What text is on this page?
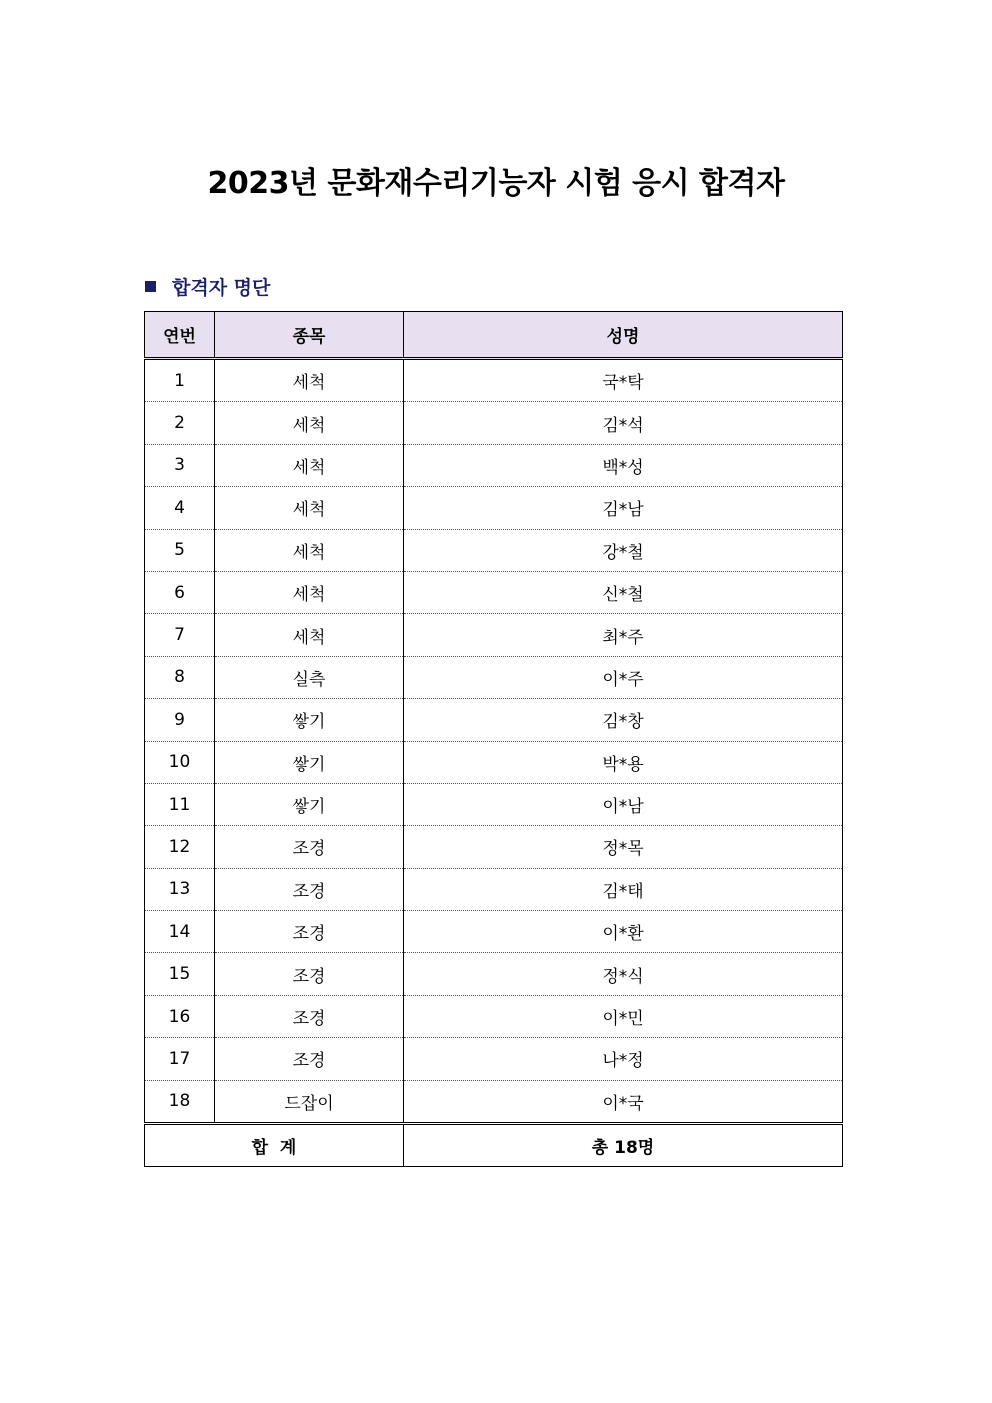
2023년 문화재수리기능자 시험 응시 합격자
합격자 명단
연번	종목	성명
1	세척	국*탁
2	세척	김*석
3	세척	백*성
4	세척	김*남
5	세척	강*철
6	세척	신*철
7	세척	최*주
8	실측	이*주
9	쌓기	김*창
10	쌓기	박*용
11	쌓기	이*남
12	조경	정*목
13	조경	김*태
14	조경	이*환
15	조경	정*식
16	조경	이*민
17	조경	나*정
18	드잡이	이*국
합  계		총 18명
